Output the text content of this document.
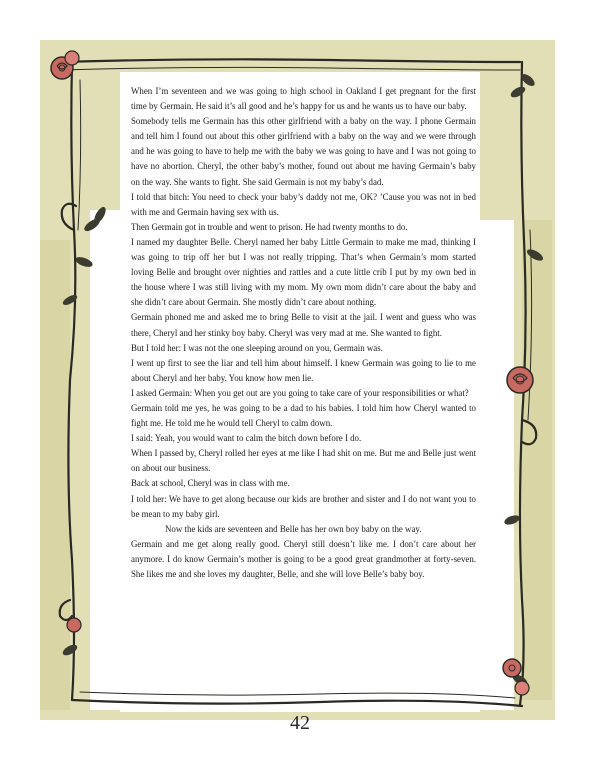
When I’m seventeen and we was going to high school in Oakland I get pregnant for the first time by Germain. He said it’s all good and he’s happy for us and he wants us to have our baby.

Somebody tells me Germain has this other girlfriend with a baby on the way. I phone Germain and tell him I found out about this other girlfriend with a baby on the way and we were through and he was going to have to help me with the baby we was going to have and I was not going to have no abortion. Cheryl, the other baby’s mother, found out about me having Germain’s baby on the way. She wants to fight. She said Germain is not my baby’s dad.

I told that bitch: You need to check your baby’s daddy not me, OK? ’Cause you was not in bed with me and Germain having sex with us.

Then Germain got in trouble and went to prison. He had twenty months to do.

I named my daughter Belle. Cheryl named her baby Little Germain to make me mad, thinking I was going to trip off her but I was not really tripping. That’s when Germain’s mom started loving Belle and brought over nighties and rattles and a cute little crib I put by my own bed in the house where I was still living with my mom. My own mom didn’t care about the baby and she didn’t care about Germain. She mostly didn’t care about nothing.

Germain phoned me and asked me to bring Belle to visit at the jail. I went and guess who was there, Cheryl and her stinky boy baby. Cheryl was very mad at me. She wanted to fight.

But I told her: I was not the one sleeping around on you, Germain was.

I went up first to see the liar and tell him about himself. I knew Germain was going to lie to me about Cheryl and her baby. You know how men lie.

I asked Germain: When you get out are you going to take care of your responsibilities or what?

Germain told me yes, he was going to be a dad to his babies. I told him how Cheryl wanted to fight me. He told me he would tell Cheryl to calm down.

I said: Yeah, you would want to calm the bitch down before I do.

When I passed by, Cheryl rolled her eyes at me like I had shit on me. But me and Belle just went on about our business.

Back at school, Cheryl was in class with me.

I told her: We have to get along because our kids are brother and sister and I do not want you to be mean to my baby girl.

Now the kids are seventeen and Belle has her own boy baby on the way.

Germain and me get along really good. Cheryl still doesn’t like me. I don’t care about her anymore. I do know Germain’s mother is going to be a good great grandmother at forty-seven. She likes me and she loves my daughter, Belle, and she will love Belle’s baby boy.

42
